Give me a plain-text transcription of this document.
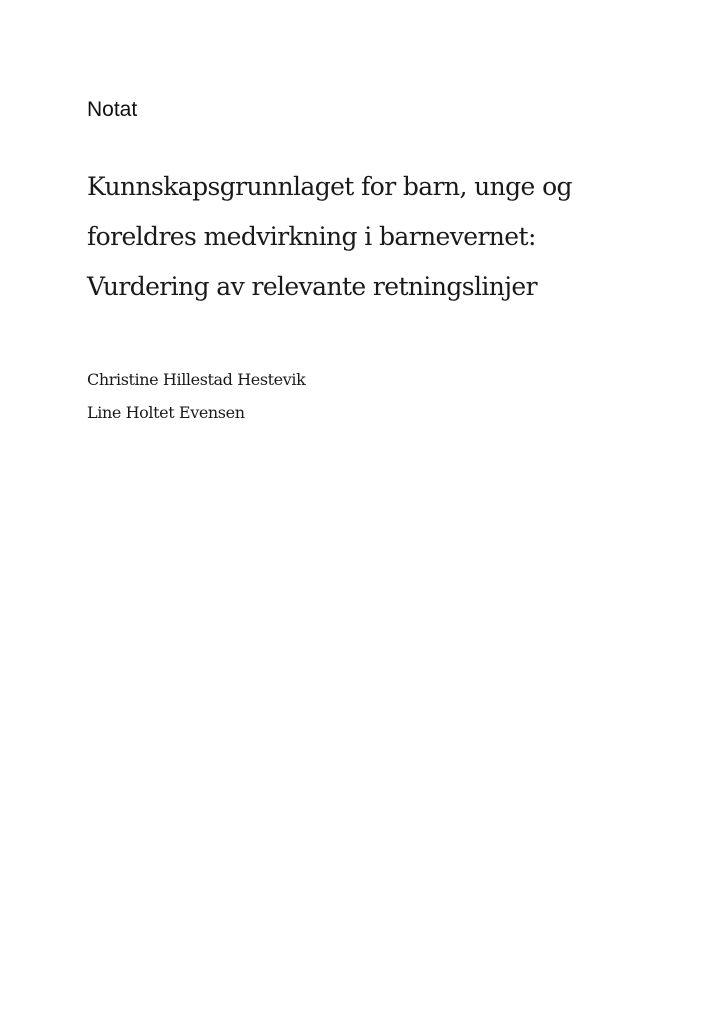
Notat

Kunnskapsgrunnlaget for barn, unge og
foreldres medvirkning i barnevernet:
Vurdering av relevante retningslinjer
Christine Hillestad Hestevik
Line Holtet Evensen
